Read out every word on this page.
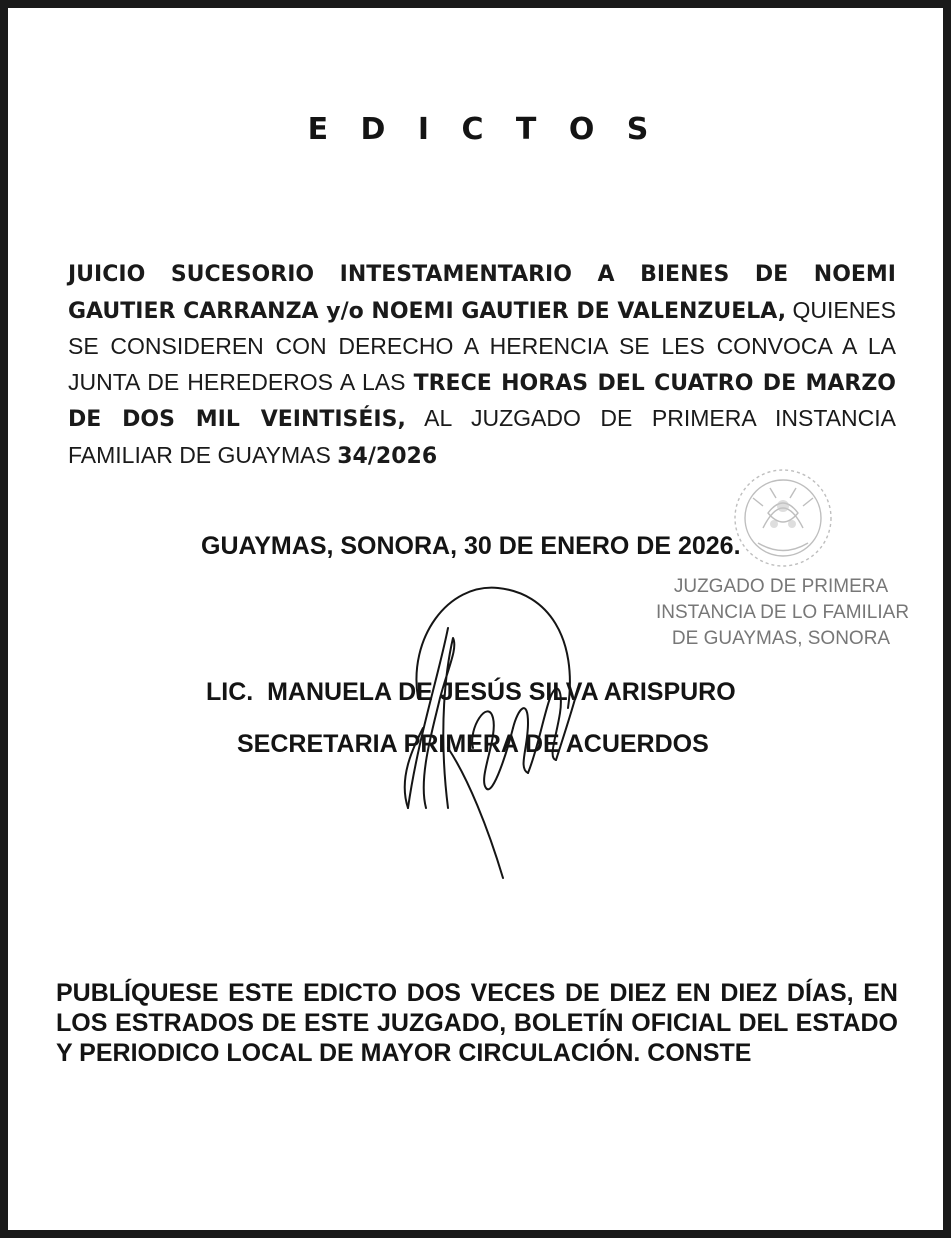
E D I C T O S
JUICIO SUCESORIO INTESTAMENTARIO A BIENES DE NOEMI GAUTIER CARRANZA y/o NOEMI GAUTIER DE VALENZUELA, QUIENES SE CONSIDEREN CON DERECHO A HERENCIA SE LES CONVOCA A LA JUNTA DE HEREDEROS A LAS TRECE HORAS DEL CUATRO DE MARZO DE DOS MIL VEINTISÉIS, AL JUZGADO DE PRIMERA INSTANCIA FAMILIAR DE GUAYMAS 34/2026
GUAYMAS, SONORA, 30 DE ENERO DE 2026.
JUZGADO DE PRIMERA
INSTANCIA DE LO FAMILIAR
DE GUAYMAS, SONORA
LIC.  MANUELA DE JESÚS SILVA ARISPURO
SECRETARIA PRIMERA DE ACUERDOS
PUBLÍQUESE ESTE EDICTO DOS VECES DE DIEZ EN DIEZ DÍAS, EN LOS ESTRADOS DE ESTE JUZGADO, BOLETÍN OFICIAL DEL ESTADO Y PERIODICO LOCAL DE MAYOR CIRCULACIÓN. CONSTE
